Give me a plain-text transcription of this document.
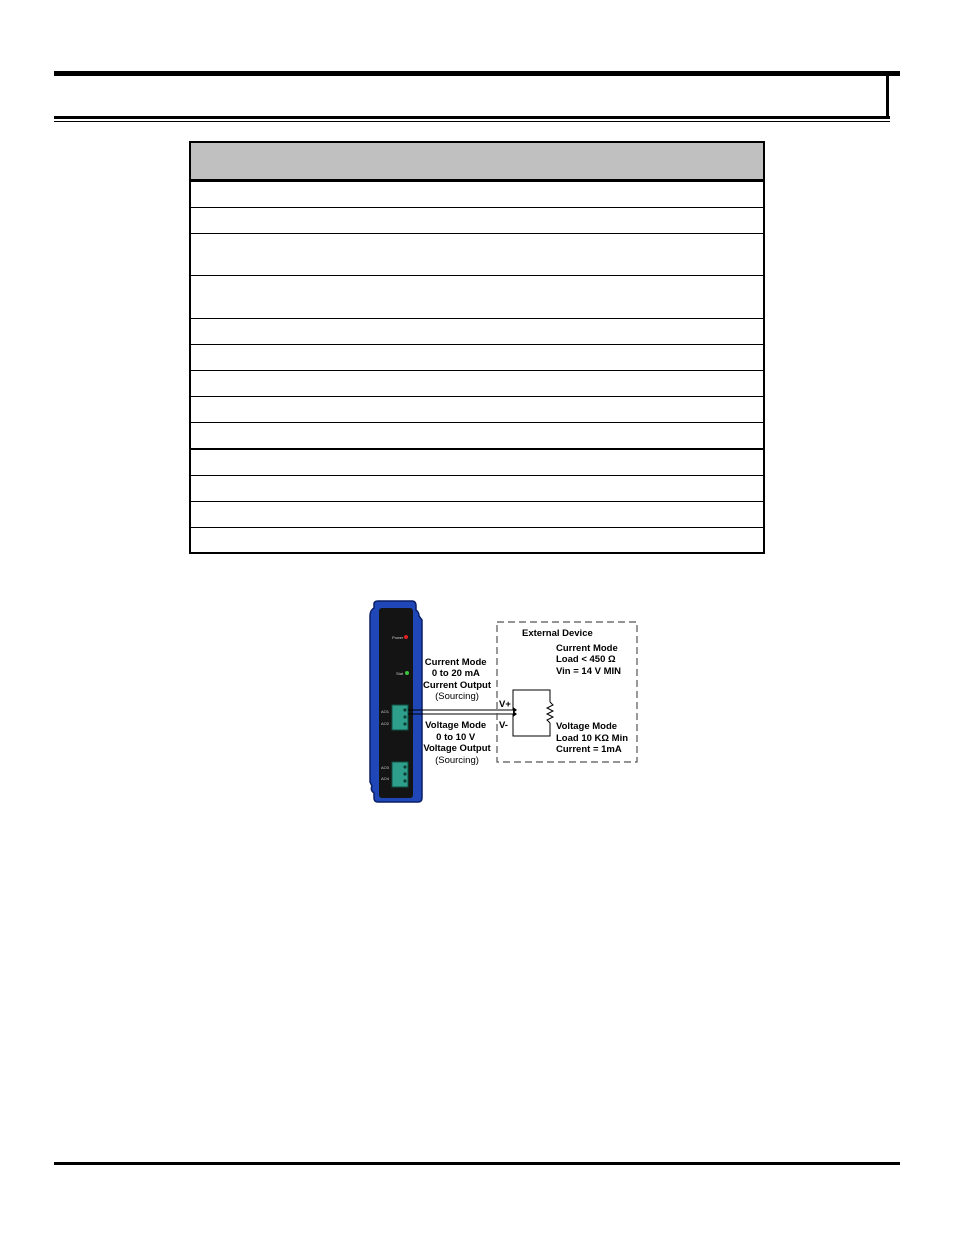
Power
Stat
AO1
AO2
AO3
AO4
Current Mode 0 to 20 mA Current Output
(Sourcing)
Voltage Mode 0 to 10 V Voltage Output
(Sourcing)
External Device
Current Mode Load < 450 Ω Vin = 14 V MIN
V+
V-	Voltage Mode Load 10 KΩ Min Current = 1mA
